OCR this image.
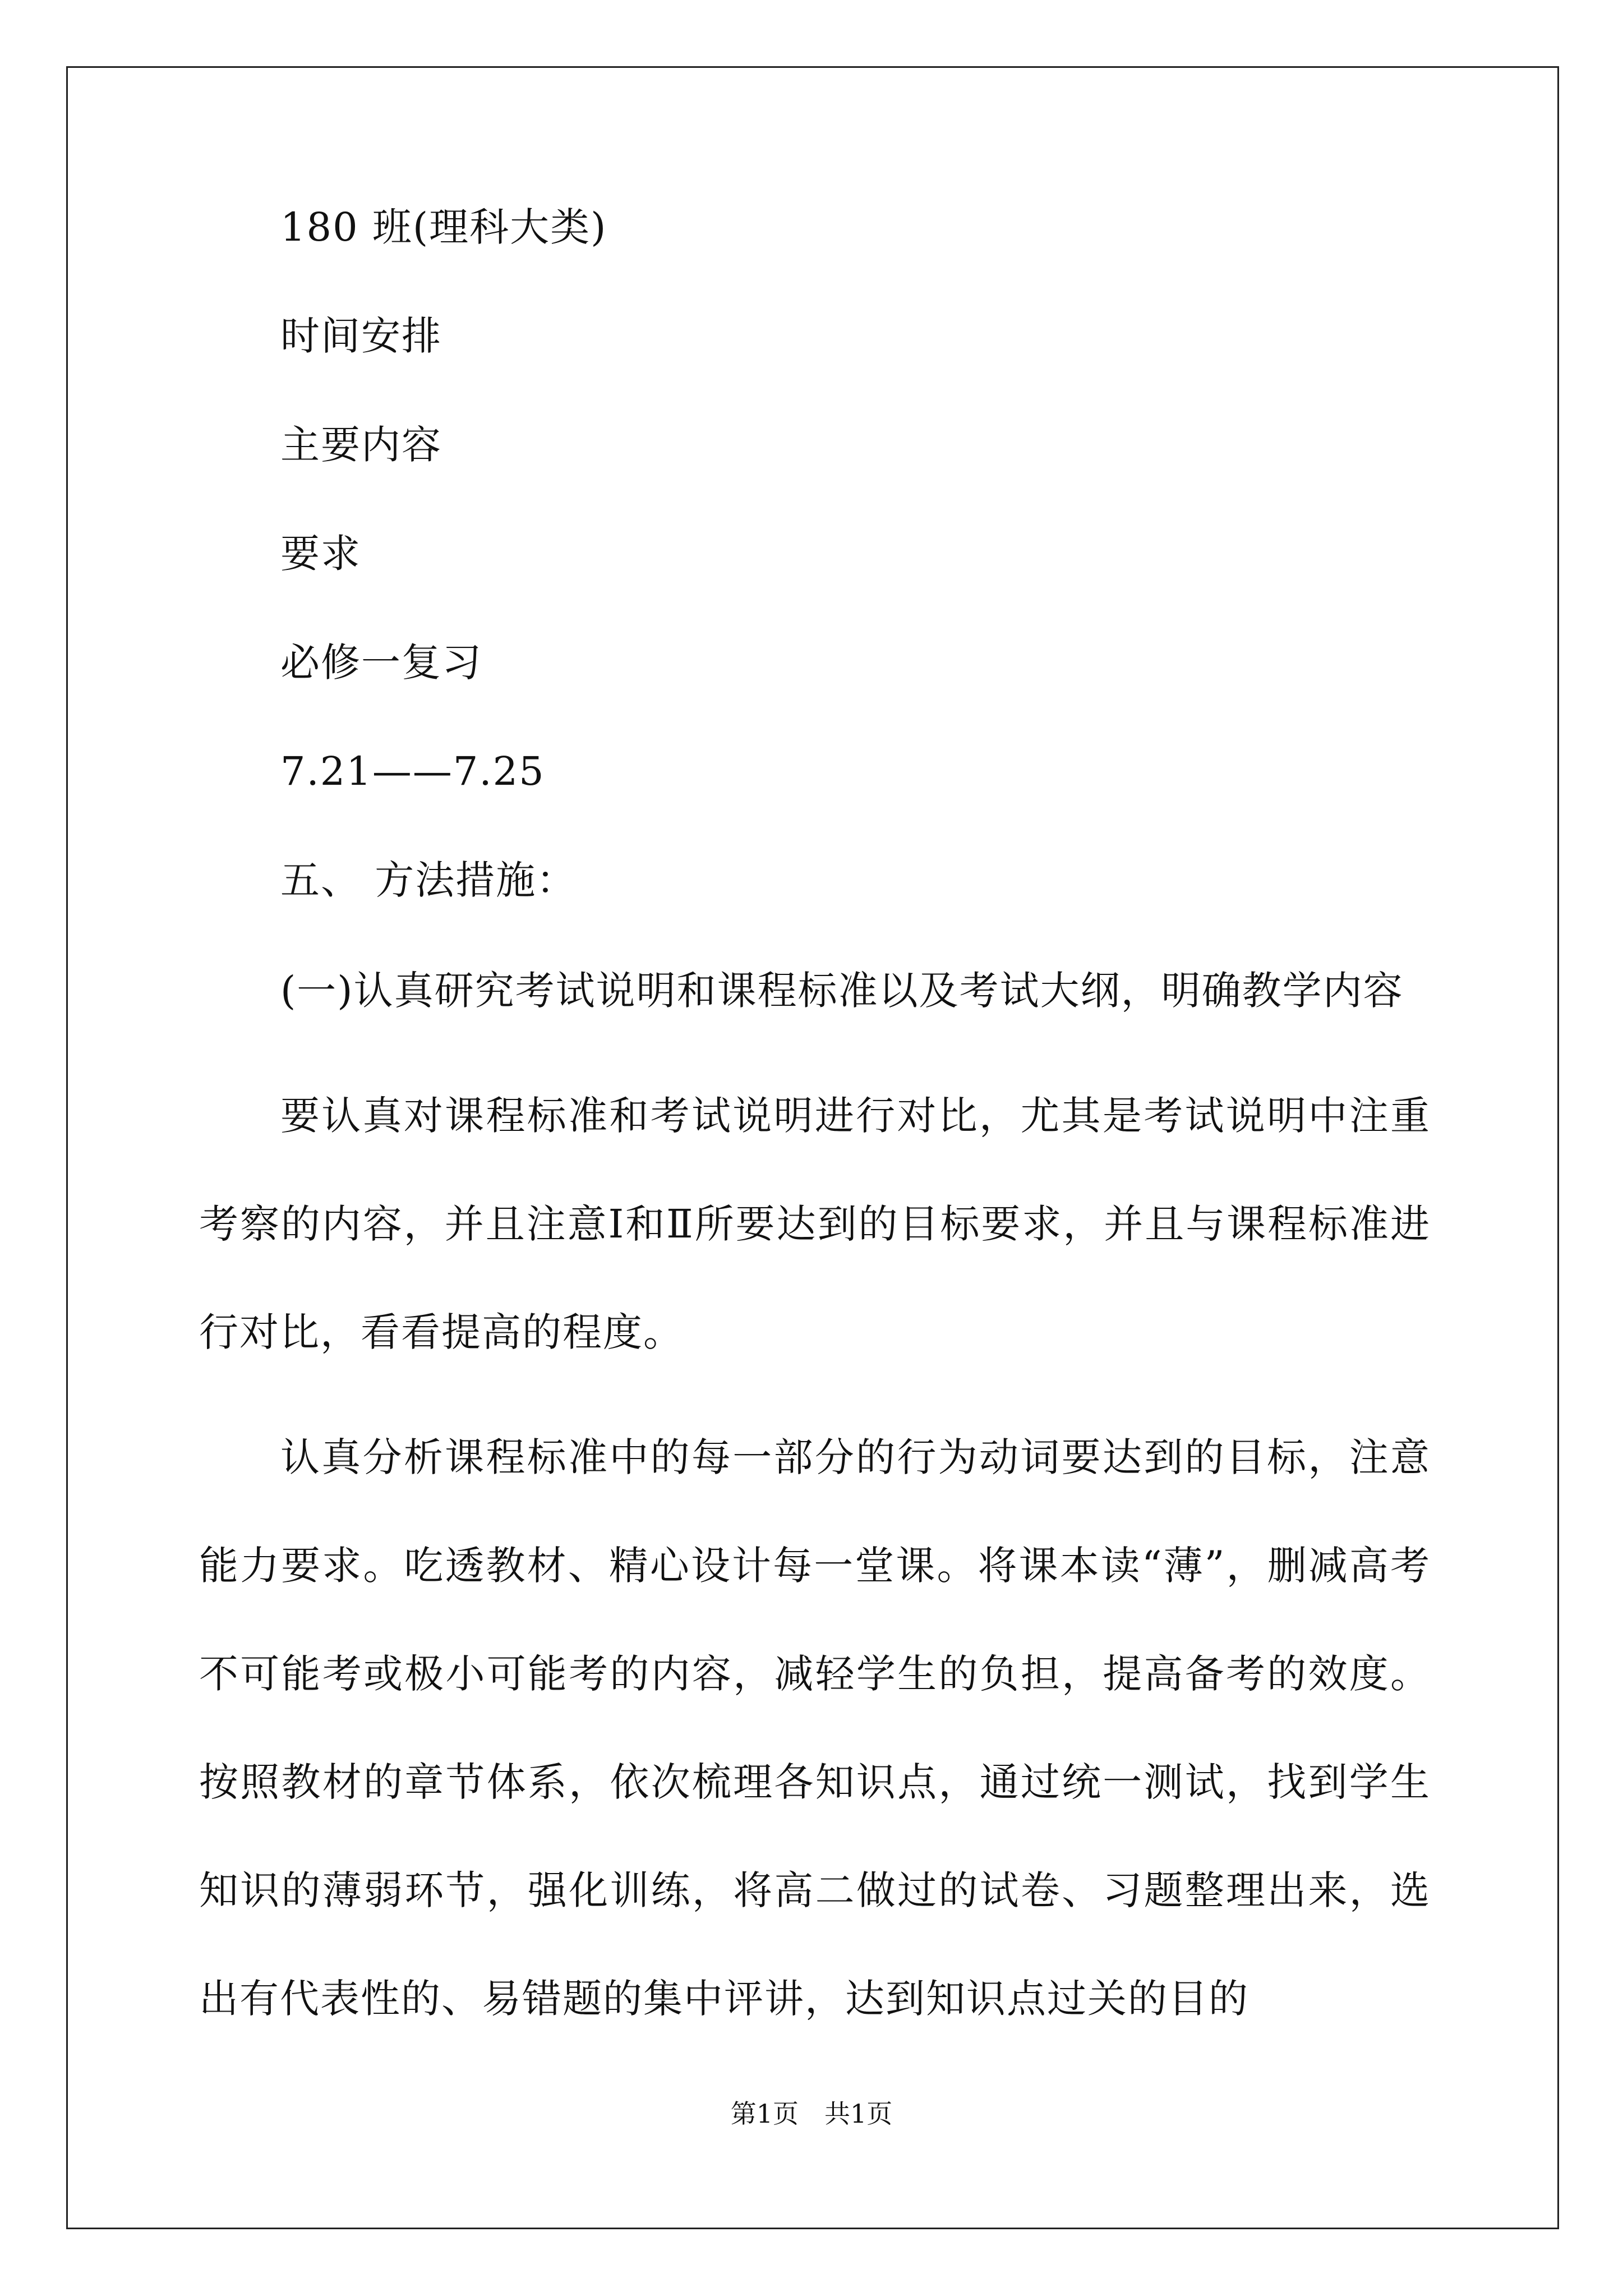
180 班(理科大类)
时间安排
主要内容
要求
必修一复习
7.21——7.25
五、 方法措施：

(一)认真研究考试说明和课程标准以及考试大纲，明确教学内容

要认真对课程标准和考试说明进行对比，尤其是考试说明中注重考察的内容，并且注意Ⅰ和Ⅱ所要达到的目标要求，并且与课程标准进行对比，看看提高的程度。

认真分析课程标准中的每一部分的行为动词要达到的目标，注意能力要求。吃透教材、精心设计每一堂课。将课本读“薄”，删减高考不可能考或极小可能考的内容，减轻学生的负担，提高备考的效度。按照教材的章节体系，依次梳理各知识点，通过统一测试，找到学生知识的薄弱环节，强化训练，将高二做过的试卷、习题整理出来，选出有代表性的、易错题的集中评讲，达到知识点过关的目的

第1页　共1页
